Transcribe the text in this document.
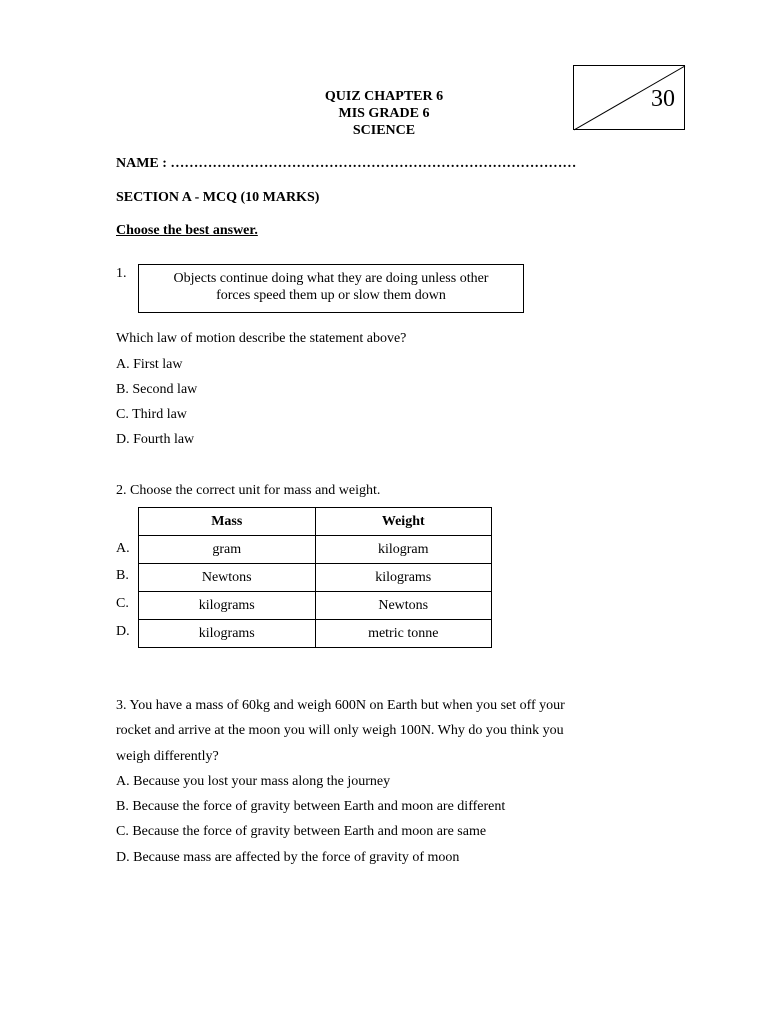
QUIZ CHAPTER 6
MIS GRADE 6
SCIENCE
30
NAME : ……………………………………………………………………………
SECTION A - MCQ (10 MARKS)
Choose the best answer.
1.	Objects continue doing what they are doing unless other forces speed them up or slow them down
Which law of motion describe the statement above?
A. First law
B. Second law
C. Third law
D. Fourth law
2. Choose the correct unit for mass and weight.
A.
B.
C.
D.
Mass	Weight
gram	kilogram
Newtons	kilograms
kilograms	Newtons
kilograms	metric tonne
3. You have a mass of 60kg and weigh 600N on Earth but when you set off your
rocket and arrive at the moon you will only weigh 100N. Why do you think you
weigh differently?
A. Because you lost your mass along the journey
B. Because the force of gravity between Earth and moon are different
C. Because the force of gravity between Earth and moon are same
D. Because mass are affected by the force of gravity of moon
